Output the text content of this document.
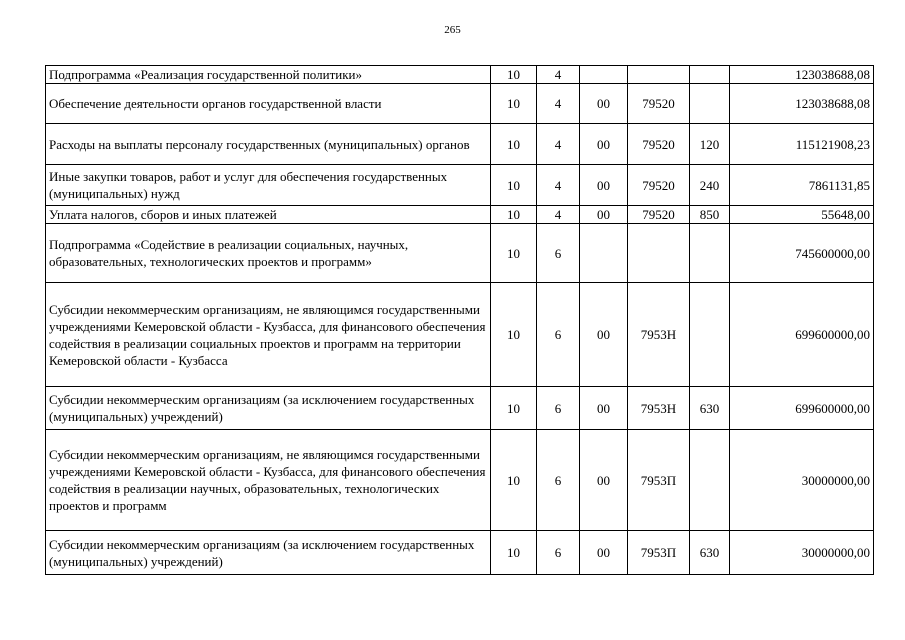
265
Подпрограмма «Реализация государственной политики»	10	4				123038688,08
Обеспечение деятельности органов государственной власти	10	4	00	79520		123038688,08
Расходы на выплаты персоналу государственных (муниципальных) органов	10	4	00	79520	120	115121908,23
Иные закупки товаров, работ и услуг для обеспечения государственных (муниципальных) нужд	10	4	00	79520	240	7861131,85
Уплата налогов, сборов и иных платежей	10	4	00	79520	850	55648,00
Подпрограмма «Содействие в реализации социальных, научных, образовательных, технологических проектов и программ»	10	6				745600000,00
Субсидии некоммерческим организациям, не являющимся государственными учреждениями Кемеровской области - Кузбасса, для финансового обеспечения содействия в реализации социальных проектов и программ на территории Кемеровской области - Кузбасса	10	6	00	7953Н		699600000,00
Субсидии некоммерческим организациям (за исключением государственных (муниципальных) учреждений)	10	6	00	7953Н	630	699600000,00
Субсидии некоммерческим организациям, не являющимся государственными учреждениями Кемеровской области - Кузбасса, для финансового обеспечения содействия в реализации научных, образовательных, технологических проектов и программ	10	6	00	7953П		30000000,00
Субсидии некоммерческим организациям (за исключением государственных (муниципальных) учреждений)	10	6	00	7953П	630	30000000,00
